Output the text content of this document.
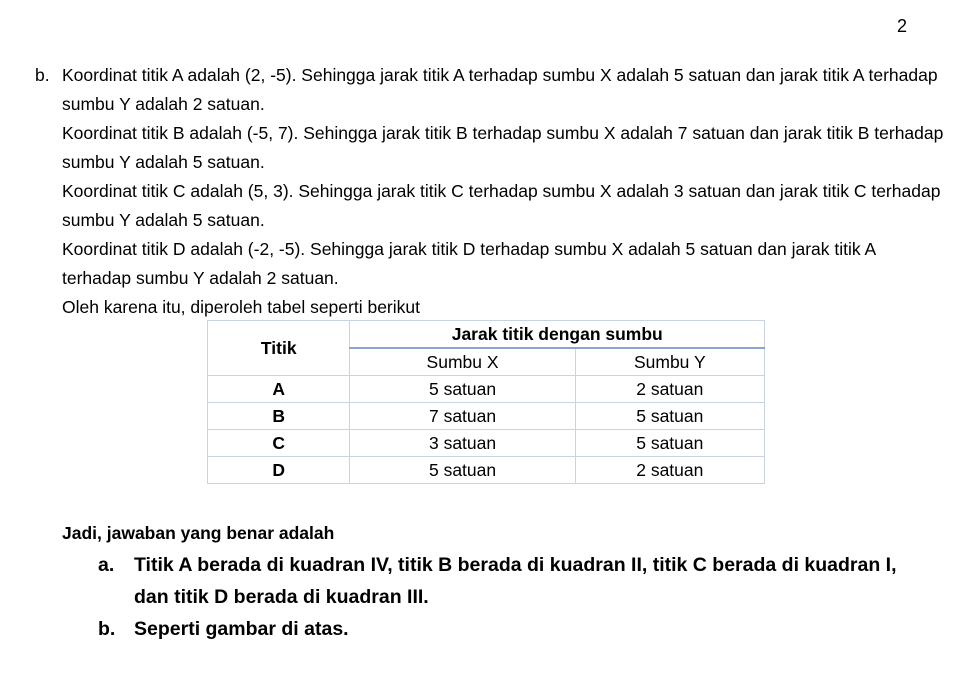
2
b. Koordinat titik A adalah (2, -5). Sehingga jarak titik A terhadap sumbu X adalah 5 satuan dan jarak titik A terhadap sumbu Y adalah 2 satuan.

Koordinat titik B adalah (-5, 7). Sehingga jarak titik B terhadap sumbu X adalah 7 satuan dan jarak titik B terhadap sumbu Y adalah 5 satuan.

Koordinat titik C adalah (5, 3). Sehingga jarak titik C terhadap sumbu X adalah 3 satuan dan jarak titik C terhadap sumbu Y adalah 5 satuan.

Koordinat titik D adalah (-2, -5). Sehingga jarak titik D terhadap sumbu X adalah 5 satuan dan jarak titik A terhadap sumbu Y adalah 2 satuan.

Oleh karena itu, diperoleh tabel seperti berikut

Titik	Jarak titik dengan sumbu	
	Sumbu X	Sumbu Y
A	5 satuan	2 satuan
B	7 satuan	5 satuan
C	3 satuan	5 satuan
D	5 satuan	2 satuan
Jadi, jawaban yang benar adalah
a. Titik A berada di kuadran IV, titik B berada di kuadran II, titik C berada di kuadran I, dan titik D berada di kuadran III.
b. Seperti gambar di atas.
